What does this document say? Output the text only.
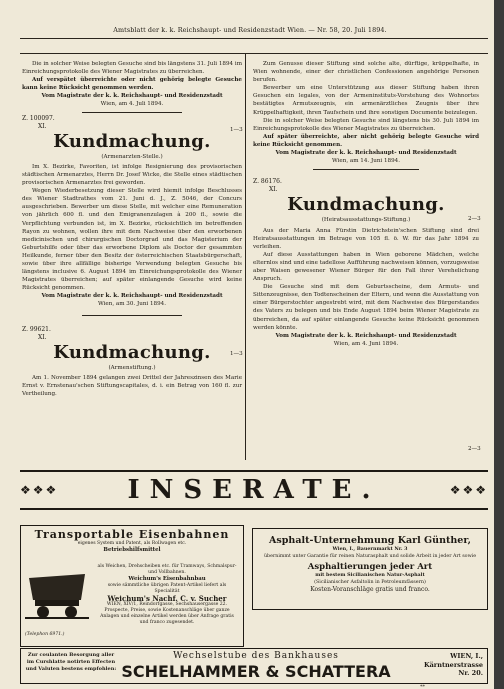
Amtsblatt der k. k. Reichshaupt- und Residenzstadt Wien. — Nr. 58, 20. Juli 1894.

Die in solcher Weise belegten Gesuche sind bis längstens 31. Juli 1894 im Einreichungsprotokolle des Wiener Magistrates zu überreichen.

Auf verspätet überreichte oder nicht gehörig belegte Gesuche kann keine Rücksicht genommen werden.

Vom Magistrate der k. k. Reichshaupt- und Residenzstadt

Wien, am 4. Juli 1894.

Z. 100097.

XI.

Kundmachung.

(Armenarzten-Stelle.)

Im X. Bezirke, Favoriten, ist infolge Resignierung des provisorischen städtischen Armenarztes, Herrn Dr. Josef Wicke, die Stelle eines städtischen provisorischen Armenarztes frei geworden.

Wegen Wiederbesetzung dieser Stelle wird hiemit infolge Beschlusses des Wiener Stadtrathes vom 21. Juni d. J., Z. 5046, der Concurs ausgeschrieben. Bewerber um diese Stelle, mit welcher eine Remuneration von jährlich 600 fl. und den Emigranenzulagen à 200 fl., sowie die Verpflichtung verbunden ist, im X. Bezirke, rücksichtlich im betreffenden Rayon zu wohnen, wollen ihre mit dem Nachweise über den erworbenen medicinischen und chirurgischen Doctorgrad und das Magisterium der Geburtshilfe oder über das erworbene Diplom als Doctor der gesammten Heilkunde, ferner über den Besitz der österreichischen Staatsbürgerschaft, sowie über ihre allfällige bisherige Verwendung belegten Gesuche bis längstens inclusive 6. August 1894 im Einreichungsprotokolle des Wiener Magistrates überreichen; auf später einlangende Gesuche wird keine Rücksicht genommen.

Vom Magistrate der k. k. Reichshaupt- und Residenzstadt

Wien, am 30. Juni 1894.

Z. 99621.

XI.

Kundmachung.

(Armenstiftung.)

Am 1. November 1894 gelangen zwei Drittel der Jahreszinsen des Marie Ernst v. Ernstenau'schen Stiftungscapitales, d. i. ein Betrag von 160 fl. zur Vertheilung.

1—3
1—3

Zum Genusse dieser Stiftung sind solche alte, dürftige, krüppelhafte, in Wien wohnende, einer der christlichen Confessionen angehörige Personen berufen.

Bewerber um eine Unterstützung aus dieser Stiftung haben ihren Gesuchen ein legales, von der Armeninstituts-Vorstehung des Wohnortes bestätigtes Armutszeugnis, ein armenärztliches Zeugnis über ihre Krüppelhaftigkeit, ihren Taufschein und ihre sonstigen Documente beizulegen.

Die in solcher Weise belegten Gesuche sind längstens bis 30. Juli 1894 im Einreichungsprotokolle des Wiener Magistrates zu überreichen.

Auf später überreichte, aber nicht gehörig belegte Gesuche wird keine Rücksicht genommen.

Vom Magistrate der k. k. Reichshaupt- und Residenzstadt

Wien, am 14. Juni 1894.

Z. 86176.

XI.

Kundmachung.

(Heiratsausstattungs-Stiftung.)

Aus der Maria Anna Fürstin Dietrichstein'schen Stiftung sind drei Heiratsausstattungen im Betrage von 105 fl. ö. W. für das Jahr 1894 zu verleihen.

Auf diese Ausstattungen haben in Wien geborene Mädchen, welche elternlos sind und eine tadellose Aufführung nachweisen können, vorzugsweise aber Waisen gewesener Wiener Bürger für den Fall ihrer Verehelichung Anspruch.

Die Gesuche sind mit dem Geburtsscheine, dem Armuts- und Sittenzeugnisse, den Todtenscheinen der Eltern, und wenn die Ausstattung von einer Bürgerstochter angestrebt wird, mit dem Nachweise des Bürgerstandes des Vaters zu belegen und bis Ende August 1894 beim Wiener Magistrate zu überreichen, da auf später einlangende Gesuche keine Rücksicht genommen werden könnte.

Vom Magistrate der k. k. Reichshaupt- und Residenzstadt

Wien, am 4. Juni 1894.

2—3
2—3
❖❖❖	INSERATE.	❖❖❖
Transportable Eisenbahnen
eigenes System und Patent, als Rollwagen etc.
Betriebshilfsmittel
als Weichen, Drehscheiben etc. für Tramways, Schmalspur- und Vollbahnen.
Weichum's Eisenbahnbau
sowie sämmtliche übrigen Patent-Artikel liefert als Specialität
Weichum's Nachf. C. v. Sucher
WIEN, XIV/1, Reindorfgasse, Sechshausergasse 22.
Prospecte, Preise, sowie Kostenanschläge über ganze Anlagen und einzelne Artikel werden über Anfrage gratis und franco zugesendet.
(Telephon 6971.)
Asphalt-Unternehmung Karl Günther,
Wien, I., Bauernmarkt Nr. 3
übernimmt unter Garantie für reinen Naturasphalt und solide Arbeit in jeder Art sowie
Asphaltierungen jeder Art
mit bestem Sicilianischen Natur-Asphalt
(Sicilianischer Asfaltolin in Petroleumfässern)
Kosten-Voranschläge gratis und franco.
Zur coulanten Besorgung aller im Curshlatte notirten Effecten und Valuten bestens empfohlen:
Wechselstube des Bankhauses
SCHELHAMMER & SCHATTERA
WIEN, I.,
Kärntnerstrasse
Nr. 20.
**
